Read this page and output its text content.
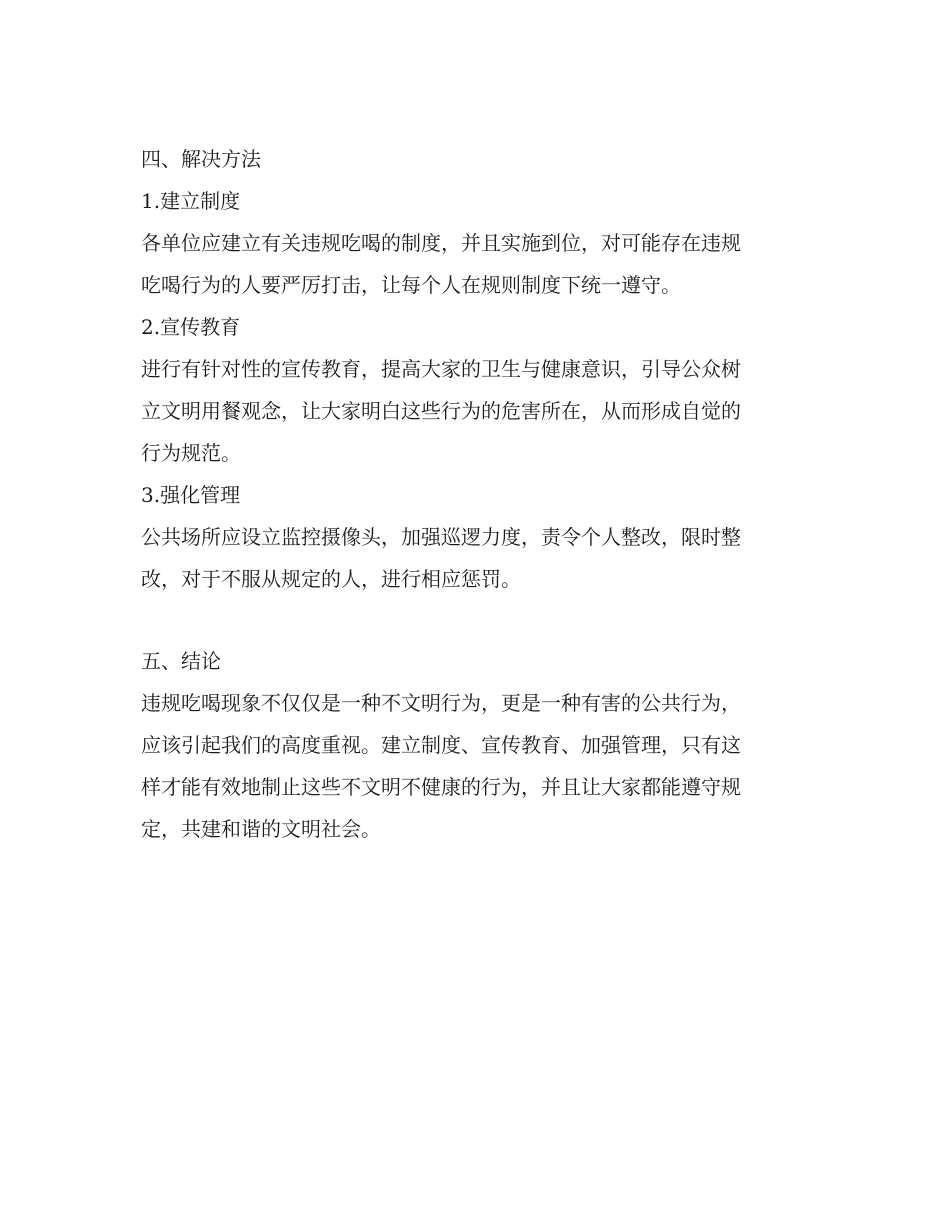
四、解决方法

1.建立制度

各单位应建立有关违规吃喝的制度，并且实施到位，对可能存在违规

吃喝行为的人要严厉打击，让每个人在规则制度下统一遵守。

2.宣传教育

进行有针对性的宣传教育，提高大家的卫生与健康意识，引导公众树

立文明用餐观念，让大家明白这些行为的危害所在，从而形成自觉的

行为规范。

3.强化管理

公共场所应设立监控摄像头，加强巡逻力度，责令个人整改，限时整

改，对于不服从规定的人，进行相应惩罚。

五、结论

违规吃喝现象不仅仅是一种不文明行为，更是一种有害的公共行为，

应该引起我们的高度重视。建立制度、宣传教育、加强管理，只有这

样才能有效地制止这些不文明不健康的行为，并且让大家都能遵守规

定，共建和谐的文明社会。
